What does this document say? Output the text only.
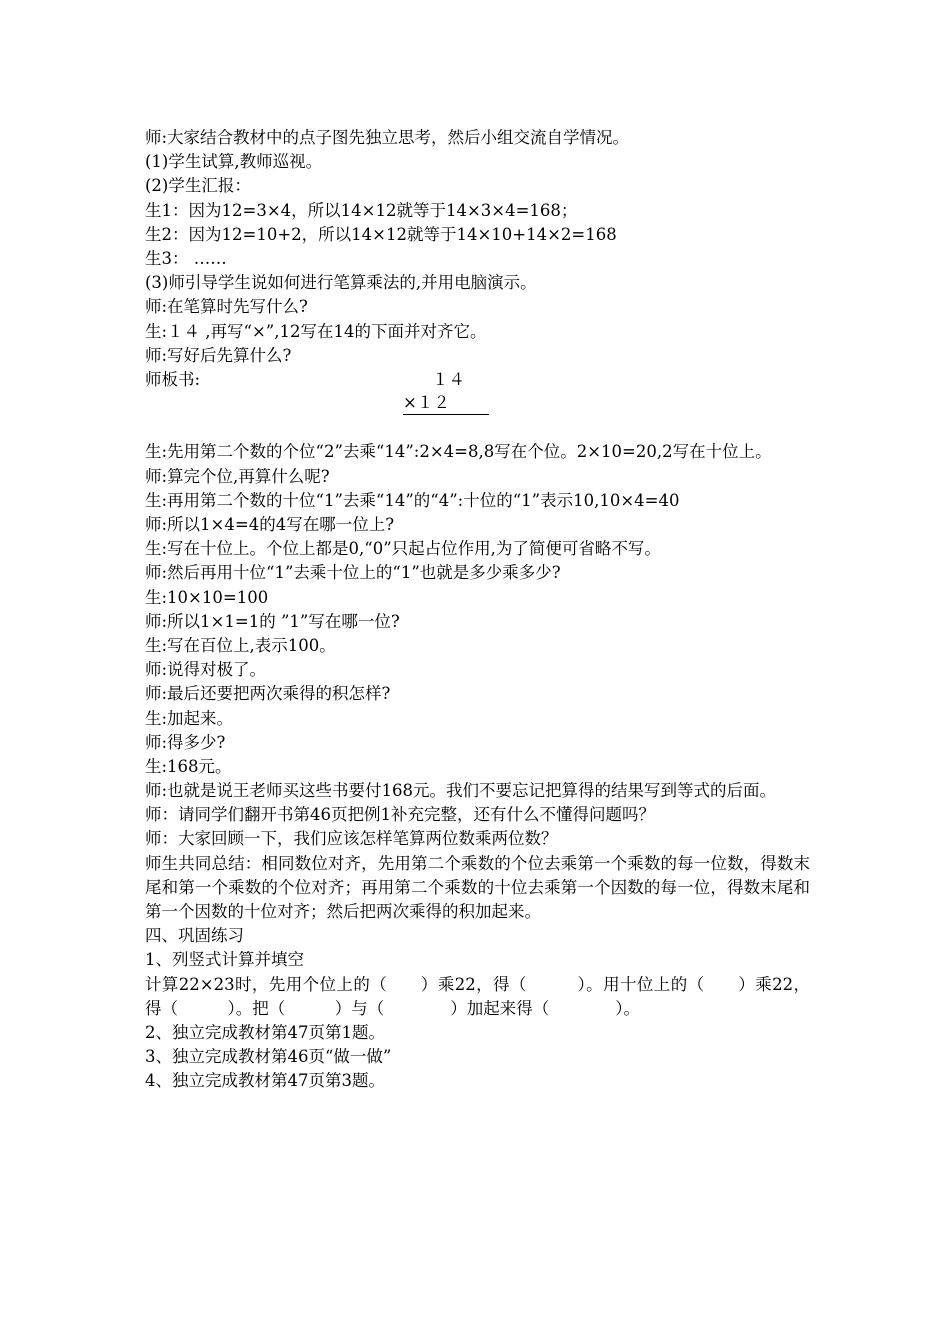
师:大家结合教材中的点子图先独立思考，然后小组交流自学情况。
(1)学生试算,教师巡视。
(2)学生汇报：
生1：因为12=3×4，所以14×12就等于14×3×4=168；
生2：因为12=10+2，所以14×12就等于14×10+14×2=168
生3： ……
(3)师引导学生说如何进行笔算乘法的,并用电脑演示。
师:在笔算时先写什么?
生:１４ ,再写“×”,12写在14的下面并对齐它。
师:写好后先算什么?
师板书:	１４
×１２
生:先用第二个数的个位“2”去乘“14”:2×4=8,8写在个位。2×10=20,2写在十位上。
师:算完个位,再算什么呢?
生:再用第二个数的十位“1”去乘“14”的“4”:十位的“1”表示10,10×4=40
师:所以1×4=4的4写在哪一位上?
生:写在十位上。个位上都是0,“0”只起占位作用,为了简便可省略不写。
师:然后再用十位“1”去乘十位上的“1”也就是多少乘多少?
生:10×10=100
师:所以1×1=1的 ”1”写在哪一位?
生:写在百位上,表示100。
师:说得对极了。
师:最后还要把两次乘得的积怎样?
生:加起来。
师:得多少?
生:168元。
师:也就是说王老师买这些书要付168元。我们不要忘记把算得的结果写到等式的后面。
师：请同学们翻开书第46页把例1补充完整，还有什么不懂得问题吗？
师：大家回顾一下，我们应该怎样笔算两位数乘两位数？
师生共同总结：相同数位对齐，先用第二个乘数的个位去乘第一个乘数的每一位数，得数末尾和第一个乘数的个位对齐；再用第二个乘数的十位去乘第一个因数的每一位，得数末尾和第一个因数的十位对齐；然后把两次乘得的积加起来。
四、巩固练习
1、列竖式计算并填空
计算22×23时，先用个位上的（　　）乘22，得（　　　）。用十位上的（　　）乘22，得（　　　）。把（　　　）与（　　　　）加起来得（　　　　）。
2、独立完成教材第47页第1题。
3、独立完成教材第46页“做一做”
4、独立完成教材第47页第3题。
